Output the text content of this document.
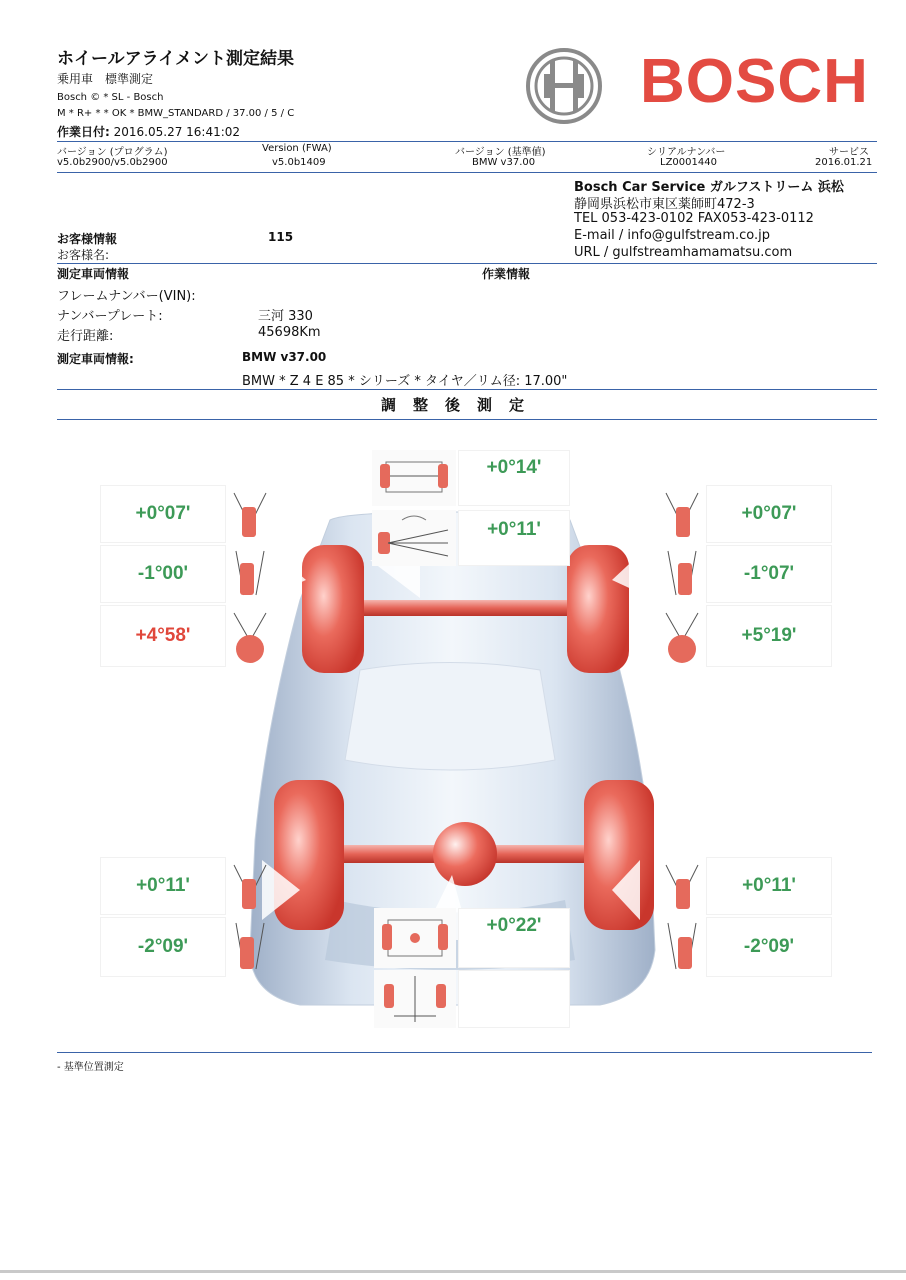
ホイールアライメント測定結果
乗用車　標準測定
Bosch © * SL - Bosch
M * R+ * * OK * BMW_STANDARD / 37.00 / 5 / C
作業日付: 2016.05.27 16:41:02
BOSCH
バージョン (プログラム)
v5.0b2900/v5.0b2900
Version (FWA)
v5.0b1409
バージョン (基準値)
BMW v37.00
シリアルナンバー
LZ0001440
サービス
2016.01.21
Bosch Car Service ガルフストリーム 浜松
静岡県浜松市東区薬師町472-3
TEL 053-423-0102 FAX053-423-0112
E-mail / info@gulfstream.co.jp
URL / gulfstreamhamamatsu.com
お客様情報	115
お客様名:
測定車両情報	作業情報
フレームナンバー(VIN):
ナンバープレート:	三河 330
走行距離:	45698Km
測定車両情報:	BMW v37.00
BMW * Z 4 E 85 * シリーズ * タイヤ／リム径: 17.00"
調　整　後　測　定
+0°14'
+0°11'
+0°07'
-1°00'
+4°58'
+0°07'
-1°07'
+5°19'
+0°11'
-2°09'
+0°11'
-2°09'
+0°22'
- 基準位置測定
